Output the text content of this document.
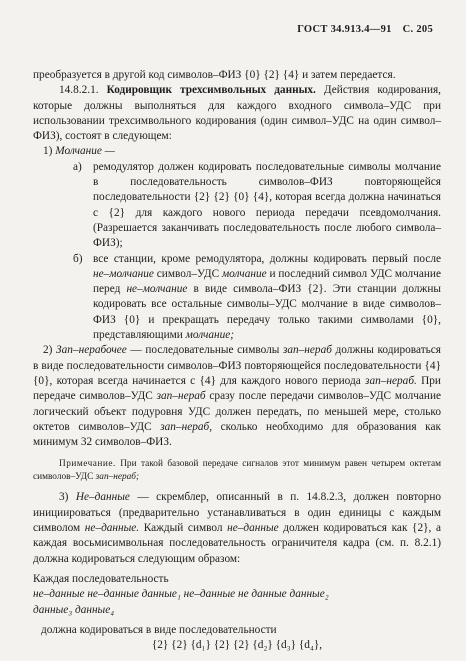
ГОСТ 34.913.4—91 С. 205

преобразуется в другой код символов–ФИЗ {0} {2} {4} и затем передается.

14.8.2.1. Кодировщик трехсимвольных данных. Действия кодирования, которые должны выполняться для каждого входного символа–УДС при использовании трехсимвольного кодирования (один символ–УДС на один символ–ФИЗ), состоят в следующем:

1) Молчание —
а) ремодулятор должен кодировать последовательные символы молчание в последовательность символов–ФИЗ повторяющейся последовательности {2} {2} {0} {4}, которая всегда должна начинаться с {2} для каждого нового периода передачи псевдомолчания. (Разрешается заканчивать последовательность после любого символа–ФИЗ);
б) все станции, кроме ремодулятора, должны кодировать первый после не–молчание символ–УДС молчание и последний символ УДС молчание перед не–молчание в виде символа–ФИЗ {2}. Эти станции должны кодировать все остальные символы–УДС молчание в виде символов–ФИЗ {0} и прекращать передачу только такими символами {0}, представляющими молчание;

2) Зап–нерабочее — последовательные символы зап–нераб должны кодироваться в виде последовательности символов–ФИЗ повторяющейся последовательности {4} {0}, которая всегда начинается с {4} для каждого нового периода зап–нераб. При передаче символов–УДС зап–нераб сразу после передачи символов–УДС молчание логический объект подуровня УДС должен передать, по меньшей мере, столько октетов символов–УДС зап–нераб, сколько необходимо для образования как минимум 32 символов–ФИЗ.

Примечание. При такой базовой передаче сигналов этот минимум равен четырем октетам символов–УДС зап–нераб;

3) Не–данные — скремблер, описанный в п. 14.8.2.3, должен повторно инициироваться (предварительно устанавливаться в один единицы с каждым символом не–данные. Каждый символ не–данные должен кодироваться как {2}, а каждая восьмисимвольная последовательность ограничителя кадра (см. п. 8.2.1) должна кодироваться следующим образом:

Каждая последовательность

не–данные не–данные данные₁ не–данные не данные данные₂

данные₃ данные₄

должна кодироваться в виде последовательности

{2} {2} {d₁} {2} {2} {d₂} {d₃} {d₄},
